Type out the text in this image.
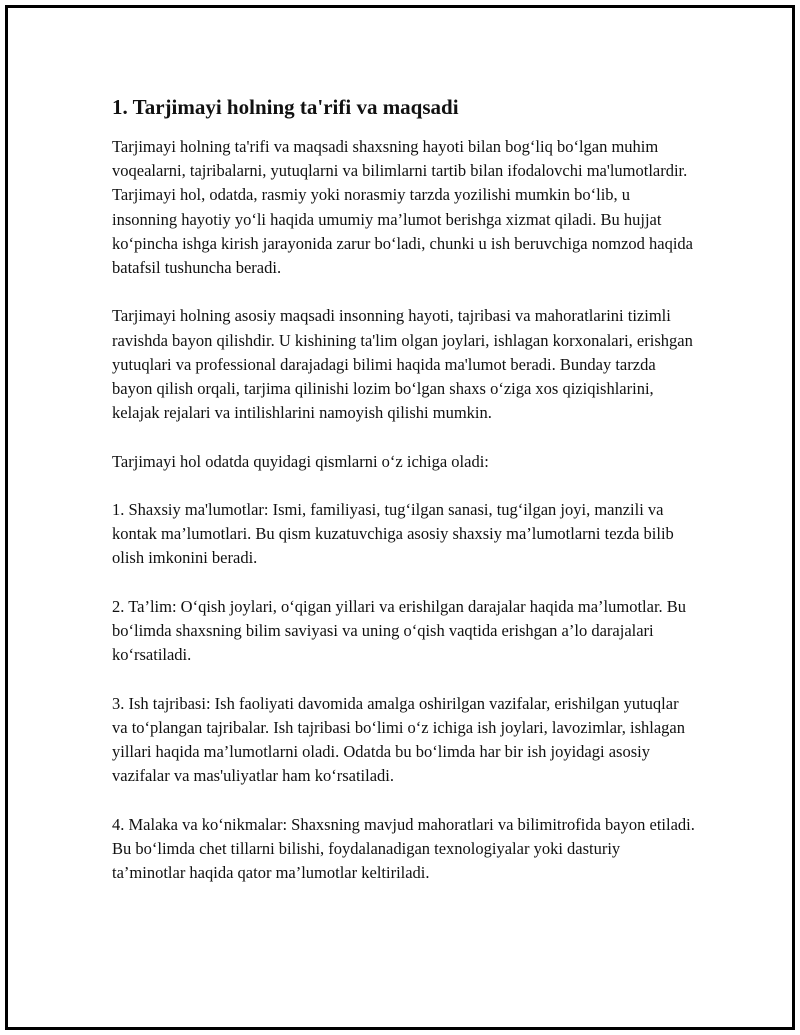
1. Tarjimayi holning ta'rifi va maqsadi

Tarjimayi holning ta'rifi va maqsadi shaxsning hayoti bilan bog‘liq bo‘lgan muhim voqealarni, tajribalarni, yutuqlarni va bilimlarni tartib bilan ifodalovchi ma'lumotlardir. Tarjimayi hol, odatda, rasmiy yoki norasmiy tarzda yozilishi mumkin bo‘lib, u insonning hayotiy yo‘li haqida umumiy ma’lumot berishga xizmat qiladi. Bu hujjat ko‘pincha ishga kirish jarayonida zarur bo‘ladi, chunki u ish beruvchiga nomzod haqida batafsil tushuncha beradi.

Tarjimayi holning asosiy maqsadi insonning hayoti, tajribasi va mahoratlarini tizimli ravishda bayon qilishdir. U kishining ta'lim olgan joylari, ishlagan korxonalari, erishgan yutuqlari va professional darajadagi bilimi haqida ma'lumot beradi. Bunday tarzda bayon qilish orqali, tarjima qilinishi lozim bo‘lgan shaxs o‘ziga xos qiziqishlarini, kelajak rejalari va intilishlarini namoyish qilishi mumkin.

Tarjimayi hol odatda quyidagi qismlarni o‘z ichiga oladi:

1. Shaxsiy ma'lumotlar: Ismi, familiyasi, tug‘ilgan sanasi, tug‘ilgan joyi, manzili va kontak ma’lumotlari. Bu qism kuzatuvchiga asosiy shaxsiy ma’lumotlarni tezda bilib olish imkonini beradi.

2. Ta’lim: O‘qish joylari, o‘qigan yillari va erishilgan darajalar haqida ma’lumotlar. Bu bo‘limda shaxsning bilim saviyasi va uning o‘qish vaqtida erishgan a’lo darajalari ko‘rsatiladi.

3. Ish tajribasi: Ish faoliyati davomida amalga oshirilgan vazifalar, erishilgan yutuqlar va to‘plangan tajribalar. Ish tajribasi bo‘limi o‘z ichiga ish joylari, lavozimlar, ishlagan yillari haqida ma’lumotlarni oladi. Odatda bu bo‘limda har bir ish joyidagi asosiy vazifalar va mas'uliyatlar ham ko‘rsatiladi.

4. Malaka va ko‘nikmalar: Shaxsning mavjud mahoratlari va bilimitrofida bayon etiladi. Bu bo‘limda chet tillarni bilishi, foydalanadigan texnologiyalar yoki dasturiy ta’minotlar haqida qator ma’lumotlar keltiriladi.
